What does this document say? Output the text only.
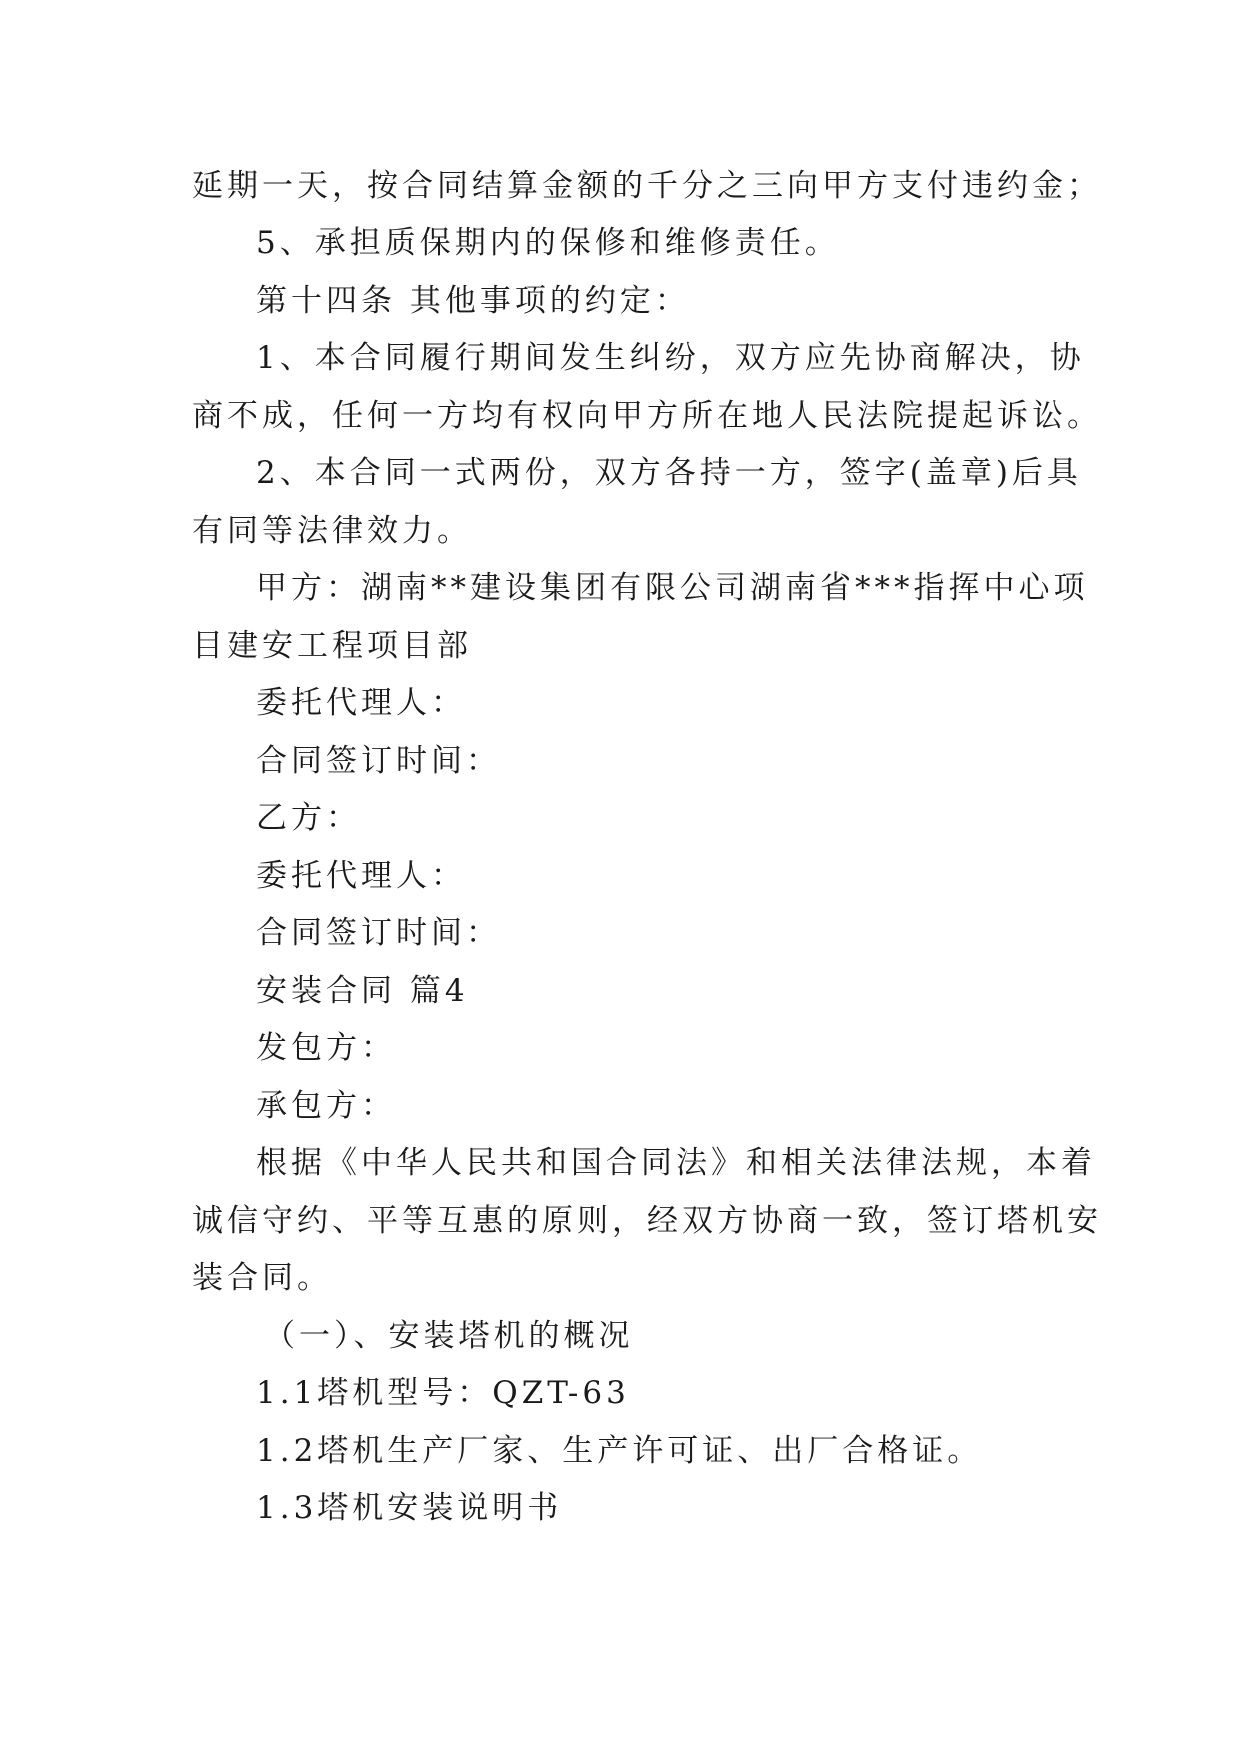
延期一天，按合同结算金额的千分之三向甲方支付违约金；
5、承担质保期内的保修和维修责任。
第十四条 其他事项的约定：
1、本合同履行期间发生纠纷，双方应先协商解决，协
商不成，任何一方均有权向甲方所在地人民法院提起诉讼。
2、本合同一式两份，双方各持一方，签字(盖章)后具
有同等法律效力。
甲方：湖南**建设集团有限公司湖南省***指挥中心项
目建安工程项目部
委托代理人：
合同签订时间：
乙方：
委托代理人：
合同签订时间：
安装合同 篇4
发包方：
承包方：
根据《中华人民共和国合同法》和相关法律法规，本着
诚信守约、平等互惠的原则，经双方协商一致，签订塔机安
装合同。
（一）、安装塔机的概况
1.1塔机型号：QZT-63
1.2塔机生产厂家、生产许可证、出厂合格证。
1.3塔机安装说明书
